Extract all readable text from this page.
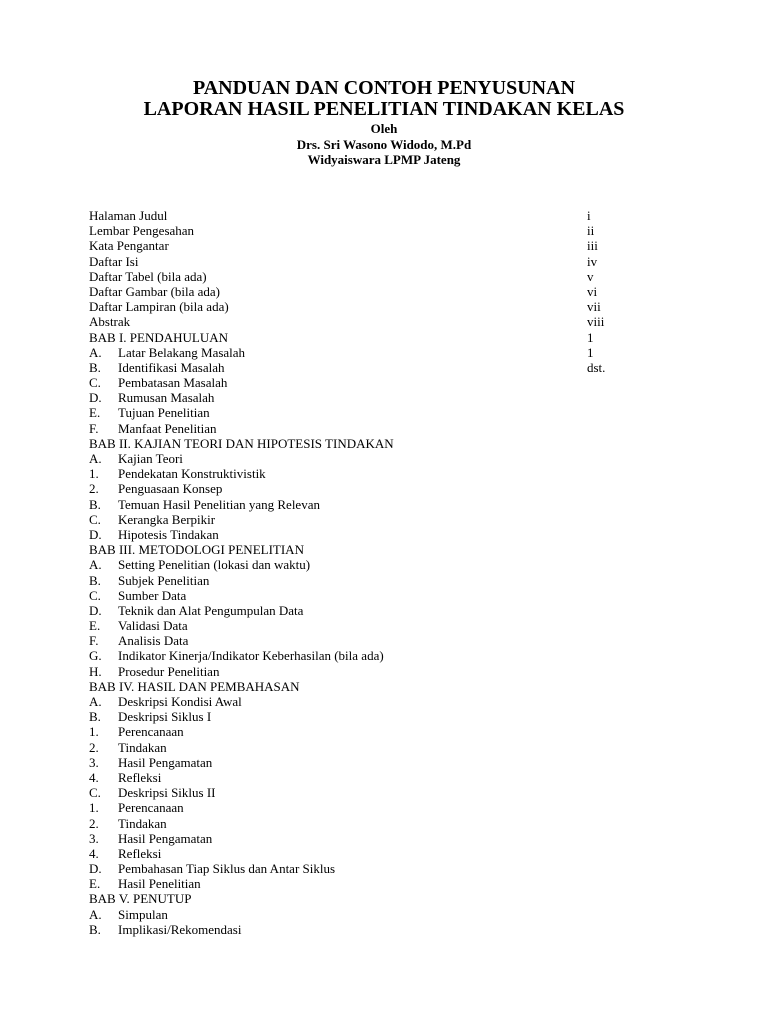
PANDUAN DAN CONTOH PENYUSUNAN
LAPORAN HASIL PENELITIAN TINDAKAN KELAS
Oleh
Drs. Sri Wasono Widodo, M.Pd
Widyaiswara LPMP Jateng
Halaman Judul	i
Lembar Pengesahan	ii
Kata Pengantar	iii
Daftar Isi	iv
Daftar Tabel (bila ada)	v
Daftar Gambar (bila ada)	vi
Daftar Lampiran (bila ada)	vii
Abstrak	viii
BAB I. PENDAHULUAN	1
A. Latar Belakang Masalah	1
B. Identifikasi Masalah	dst.
C. Pembatasan Masalah
D. Rumusan Masalah
E. Tujuan Penelitian
F. Manfaat Penelitian
BAB II. KAJIAN TEORI DAN HIPOTESIS TINDAKAN
A. Kajian Teori
1. Pendekatan Konstruktivistik
2. Penguasaan Konsep
B. Temuan Hasil Penelitian yang Relevan
C. Kerangka Berpikir
D. Hipotesis Tindakan
BAB III. METODOLOGI PENELITIAN
A. Setting Penelitian (lokasi dan waktu)
B. Subjek Penelitian
C. Sumber Data
D. Teknik dan Alat Pengumpulan Data
E. Validasi Data
F. Analisis Data
G. Indikator Kinerja/Indikator Keberhasilan (bila ada)
H. Prosedur Penelitian
BAB IV. HASIL DAN PEMBAHASAN
A. Deskripsi Kondisi Awal
B. Deskripsi Siklus I
1. Perencanaan
2. Tindakan
3. Hasil Pengamatan
4. Refleksi
C. Deskripsi Siklus II
1. Perencanaan
2. Tindakan
3. Hasil Pengamatan
4. Refleksi
D. Pembahasan Tiap Siklus dan Antar Siklus
E. Hasil Penelitian
BAB V. PENUTUP
A. Simpulan
B. Implikasi/Rekomendasi
